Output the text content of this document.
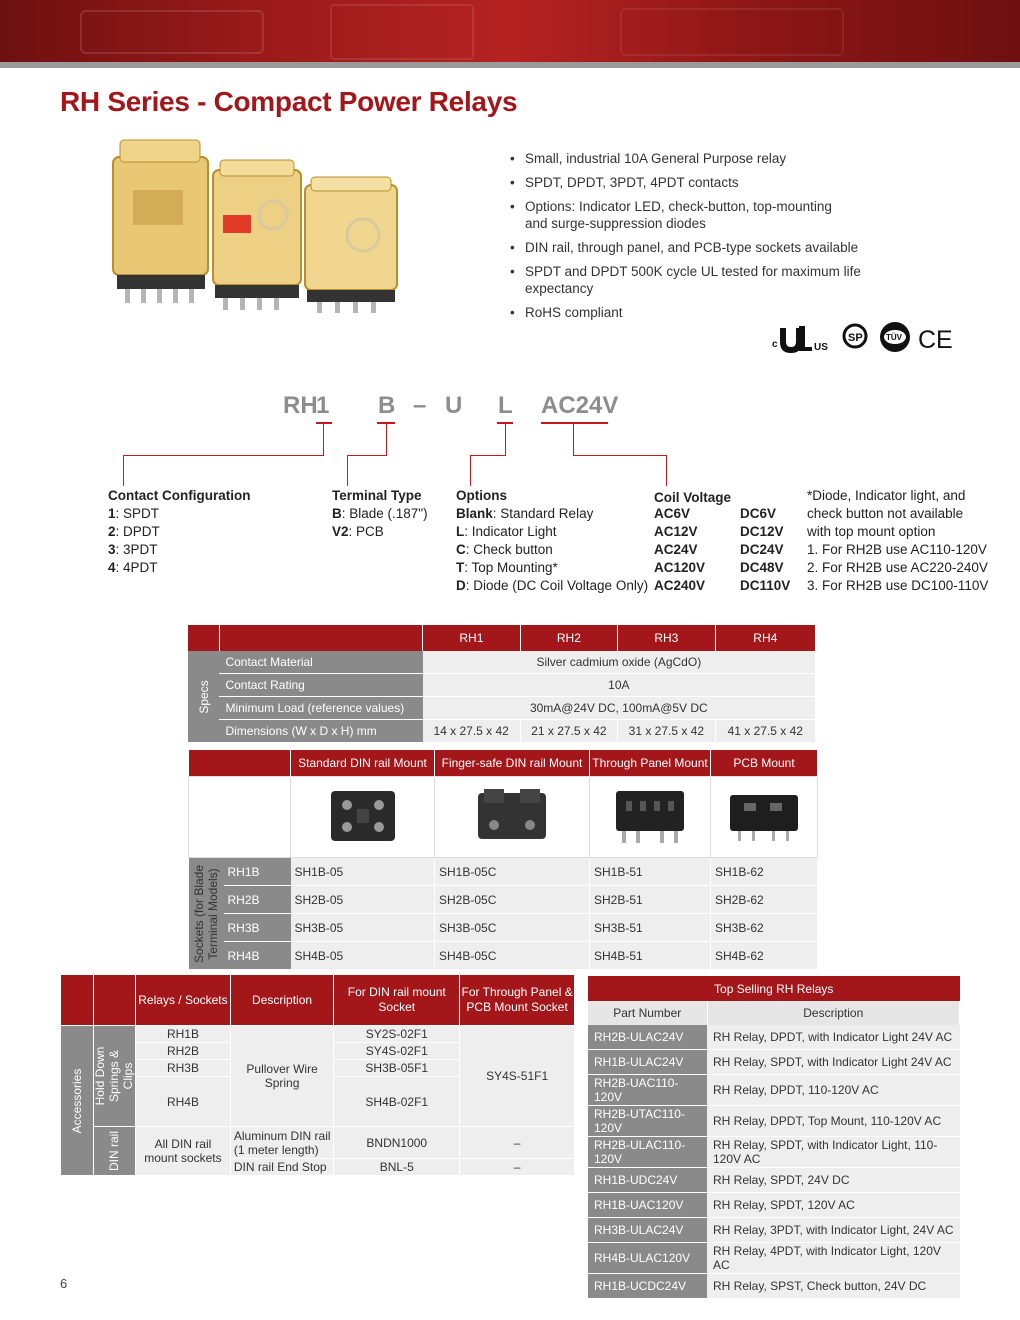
RH Series - Compact Power Relays
• Small, industrial 10A General Purpose relay
• SPDT, DPDT, 3PDT, 4PDT contacts
• Options: Indicator LED, check-button, top-mounting and surge-suppression diodes
• DIN rail, through panel, and PCB-type sockets available
• SPDT and DPDT 500K cycle UL tested for maximum life expectancy
• RoHS compliant
c	US
SP	TÜV CE
RH
1 B – U L AC24V
Contact Configuration
1: SPDT
2: DPDT
3: 3PDT
4: 4PDT
Terminal Type
B: Blade (.187")
V2: PCB
Options
Blank: Standard Relay
L: Indicator Light
C: Check button
T: Top Mounting*
D: Diode (DC Coil Voltage Only)
Coil Voltage
AC6V
AC12V
AC24V
AC120V
AC240V
DC6V
DC12V
DC24V
DC48V
DC110V
*Diode, Indicator light, and
check button not available
with top mount option
1. For RH2B use AC110-120V
2. For RH2B use AC220-240V
3. For RH2B use DC100-110V
		RH1	RH2	RH3	RH4

Specs	Contact Material	Silver cadmium oxide (AgCdO)			
	Contact Rating	10A			
	Minimum Load (reference values)	30mA@24V DC, 100mA@5V DC			
	Dimensions (W x D x H) mm	14 x 27.5 x 42	21 x 27.5 x 42	31 x 27.5 x 42	41 x 27.5 x 42
		Standard DIN rail Mount	Finger-safe DIN rail Mount	Through Panel Mount	PCB Mount

Sockets (for Blade Terminal Models)	RH1B	SH1B-05	SH1B-05C	SH1B-51	SH1B-62
	RH2B	SH2B-05	SH2B-05C	SH2B-51	SH2B-62
	RH3B	SH3B-05	SH3B-05C	SH3B-51	SH3B-62
	RH4B	SH4B-05	SH4B-05C	SH4B-51	SH4B-62
		Relays / Sockets	Description	For DIN rail mount Socket	For Through Panel & PCB Mount Socket

Accessories	Hold Down Springs & Clips	RH1B	Pullover Wire Spring	SY2S-02F1	SY4S-51F1
		RH2B		SY4S-02F1	
		RH3B		SH3B-05F1	
		RH4B		SH4B-02F1	

	DIN rail	All DIN rail mount sockets	Aluminum DIN rail (1 meter length)	BNDN1000	–
			DIN rail End Stop	BNL-5	–
Top Selling RH Relays	
Part Number	Description
RH2B-ULAC24V	RH Relay, DPDT, with Indicator Light 24V AC
RH1B-ULAC24V	RH Relay, SPDT, with Indicator Light 24V AC
RH2B-UAC110-120V	RH Relay, DPDT, 110-120V AC
RH2B-UTAC110-120V	RH Relay, DPDT, Top Mount, 110-120V AC
RH2B-ULAC110-120V	RH Relay, SPDT, with Indicator Light, 110-120V AC
RH1B-UDC24V	RH Relay, SPDT, 24V DC
RH1B-UAC120V	RH Relay, SPDT, 120V AC
RH3B-ULAC24V	RH Relay, 3PDT, with Indicator Light, 24V AC
RH4B-ULAC120V	RH Relay, 4PDT, with Indicator Light, 120V AC
RH1B-UCDC24V	RH Relay, SPST, Check button, 24V DC
6
